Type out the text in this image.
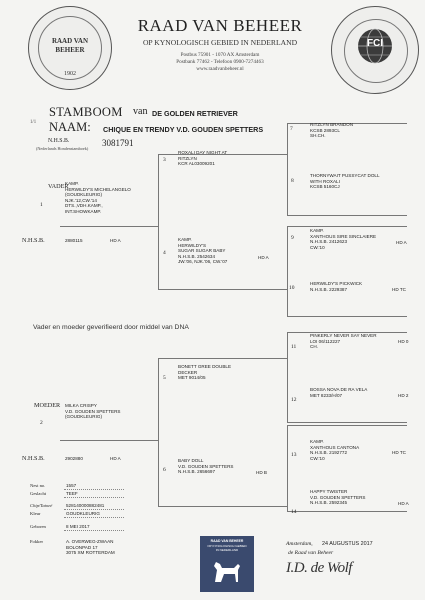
RAAD VAN BEHEER
1902
FCI
RAAD VAN BEHEER
OP KYNOLOGISCH GEBIED IN NEDERLAND
Postbus 75901 - 1070 AX Amsterdam
Postbank 77462 - Telefoon 0900-7274463
www.raadvanbeheer.nl
1/1
STAMBOOM van DE GOLDEN RETRIEVER
NAAM: CHIQUE EN TRENDY V.D. GOUDEN SPETTERS
N.H.S.B.
(Nederlands Hondenstamboek)
3081791
VADER
KAMP.
HERWILDY'S MICHELANGELO
(GOUDKLEURIG)
NJK.'12,CW.'14
DTS.,VDH.KAMP.,
INT.SHOWKAMP.
1
N.H.S.B.	2880115	HD A
MOEDER MILKA CRISPY
V.D. GOUDEN SPETTERS
(GOUDKLEURIG)
2
N.H.S.B.	2902880	HD A
3
ROXALI DAY NIGHT AT
RITZLYN
KCR AL03009201
4
KAMP.
HERWILDY'S
SUGAR SUGAR BABY
N.H.S.B. 2542634
JW.'06, NJK.'06, CW.'07
HD A
5
BONETT GREE DOUBLE
DECKER
MET 9014/05
6
BABY DOLL
V.D. GOUDEN SPETTERS
N.H.S.B. 2656697	HD B
7
RITZLYN BRANDON
KCSB 2893CL
SH.CH.
8
THORNYWAIT PUSSYCAT DOLL
WITH ROXALI
KCSB 5160CJ
9
KAMP.
XANTHOUS SIRE SINCLAIERE
N.H.S.B. 2412623
CW.'10
HD A
10
HERWILDY'S PICKWICK
N.H.S.B. 2229387	HD TC
11
PINKERLY NEVER SAY NEVER
LOI 06/112227
CH.
HD 0
12
BOSSA NOVA DE RA VELA
MET 8233/H/07	HD 2
13
KAMP.
XANTHOUS CANTONA
N.H.S.B. 2192772
CW.'10
HD TC
14
HAPPY TWISTER
V.D. GOUDEN SPETTERS
N.H.S.B. 2592345	HD A
Vader en moeder geverifieerd door middel van DNA
Nest no.	1557
Geslacht	TEEF
Chip/Tatoeë	528140000882481
Kleur	GOUDKLEURIG
Geboren	8 MEI 2017
Fokker	A. OVERWEG-ZWAAN
BOLONPAD 17
3075 XM ROTTERDAM
RAAD VAN BEHEER
OP KYNOLOGISCH GEBIED
IN NEDERLAND
Amsterdam, 24 AUGUSTUS 2017
de Raad van Beheer
I.D. de Wolf
